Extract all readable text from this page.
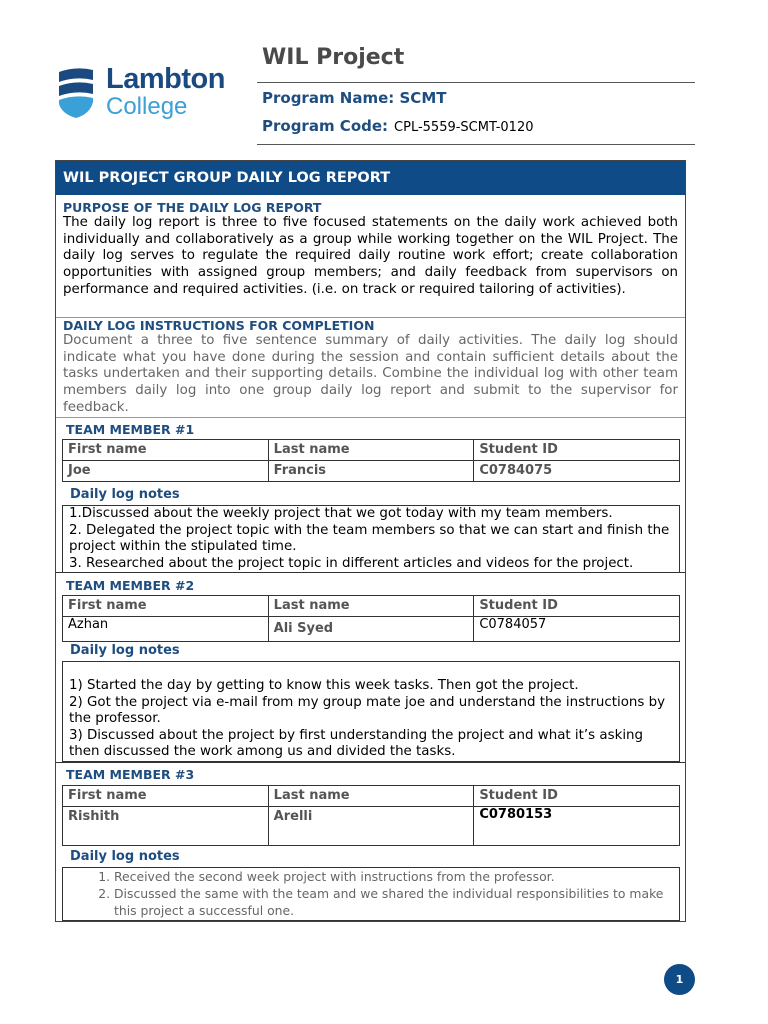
Lambton
College
WIL Project
Program Name: SCMT
Program Code: CPL-5559-SCMT-0120
WIL PROJECT GROUP DAILY LOG REPORT
PURPOSE OF THE DAILY LOG REPORT
The daily log report is three to five focused statements on the daily work achieved both individually and collaboratively as a group while working together on the WIL Project. The daily log serves to regulate the required daily routine work effort; create collaboration opportunities with assigned group members; and daily feedback from supervisors on performance and required activities. (i.e. on track or required tailoring of activities).
DAILY LOG INSTRUCTIONS FOR COMPLETION
Document a three to five sentence summary of daily activities. The daily log should indicate what you have done during the session and contain sufficient details about the tasks undertaken and their supporting details. Combine the individual log with other team members daily log into one group daily log report and submit to the supervisor for feedback.
TEAM MEMBER #1
First name	Last name	Student ID
Joe	Francis	C0784075
Daily log notes

1.Discussed about the weekly project that we got today with my team members.

2. Delegated the project topic with the team members so that we can start and finish the project within the stipulated time.

3. Researched about the project topic in different articles and videos for the project.

TEAM MEMBER #2
First name	Last name	Student ID
Azhan	Ali Syed	C0784057
Daily log notes

1) Started the day by getting to know this week tasks. Then got the project.

2) Got the project via e-mail from my group mate joe and understand the instructions by the professor.

3) Discussed about the project by first understanding the project and what it’s asking then discussed the work among us and divided the tasks.

TEAM MEMBER #3
First name	Last name	Student ID
Rishith	Arelli	C0780153
Daily log notes
1. Received the second week project with instructions from the professor.
2. Discussed the same with the team and we shared the individual responsibilities to make this project a successful one.
1
